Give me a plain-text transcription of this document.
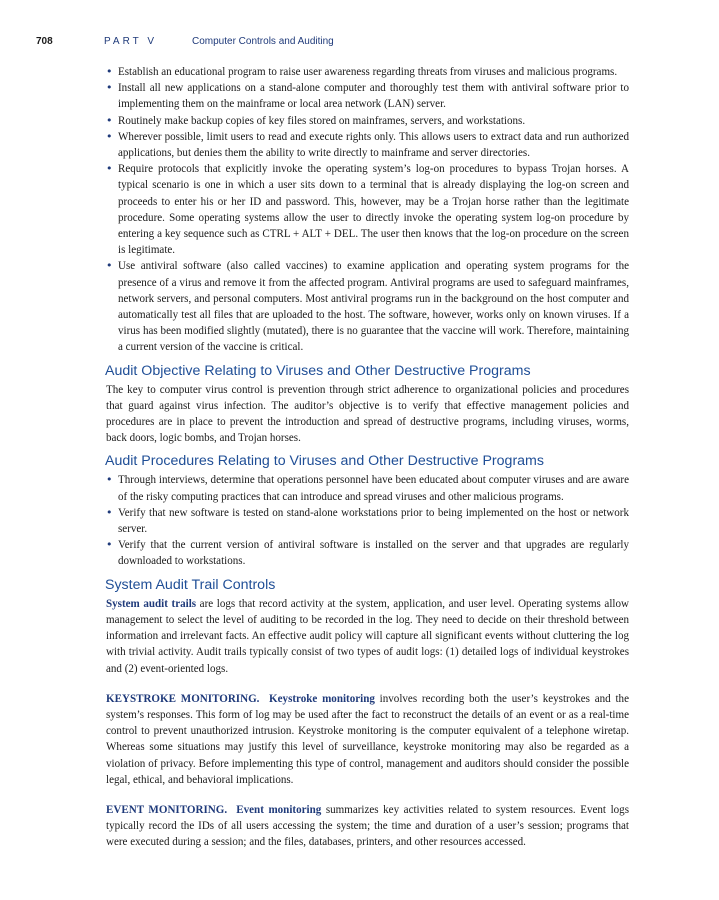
708	PART V	Computer Controls and Auditing
• Establish an educational program to raise user awareness regarding threats from viruses and malicious programs.
• Install all new applications on a stand-alone computer and thoroughly test them with antiviral software prior to implementing them on the mainframe or local area network (LAN) server.
• Routinely make backup copies of key files stored on mainframes, servers, and workstations.
• Wherever possible, limit users to read and execute rights only. This allows users to extract data and run authorized applications, but denies them the ability to write directly to mainframe and server directories.
• Require protocols that explicitly invoke the operating system’s log-on procedures to bypass Trojan horses. A typical scenario is one in which a user sits down to a terminal that is already displaying the log-on screen and proceeds to enter his or her ID and password. This, however, may be a Trojan horse rather than the legitimate procedure. Some operating systems allow the user to directly invoke the operating system log-on procedure by entering a key sequence such as CTRL + ALT + DEL. The user then knows that the log-on procedure on the screen is legitimate.
• Use antiviral software (also called vaccines) to examine application and operating system programs for the presence of a virus and remove it from the affected program. Antiviral programs are used to safeguard mainframes, network servers, and personal computers. Most antiviral programs run in the background on the host computer and automatically test all files that are uploaded to the host. The software, however, works only on known viruses. If a virus has been modified slightly (mutated), there is no guarantee that the vaccine will work. Therefore, maintaining a current version of the vaccine is critical.
Audit Objective Relating to Viruses and Other Destructive Programs

The key to computer virus control is prevention through strict adherence to organizational policies and procedures that guard against virus infection. The auditor’s objective is to verify that effective management policies and procedures are in place to prevent the introduction and spread of destructive programs, including viruses, worms, back doors, logic bombs, and Trojan horses.

Audit Procedures Relating to Viruses and Other Destructive Programs
• Through interviews, determine that operations personnel have been educated about computer viruses and are aware of the risky computing practices that can introduce and spread viruses and other malicious programs.
• Verify that new software is tested on stand-alone workstations prior to being implemented on the host or network server.
• Verify that the current version of antiviral software is installed on the server and that upgrades are regularly downloaded to workstations.
System Audit Trail Controls

System audit trails are logs that record activity at the system, application, and user level. Operating systems allow management to select the level of auditing to be recorded in the log. They need to decide on their threshold between information and irrelevant facts. An effective audit policy will capture all significant events without cluttering the log with trivial activity. Audit trails typically consist of two types of audit logs: (1) detailed logs of individual keystrokes and (2) event-oriented logs.

KEYSTROKE MONITORING. Keystroke monitoring involves recording both the user’s keystrokes and the system’s responses. This form of log may be used after the fact to reconstruct the details of an event or as a real-time control to prevent unauthorized intrusion. Keystroke monitoring is the computer equivalent of a telephone wiretap. Whereas some situations may justify this level of surveillance, keystroke monitoring may also be regarded as a violation of privacy. Before implementing this type of control, management and auditors should consider the possible legal, ethical, and behavioral implications.

EVENT MONITORING. Event monitoring summarizes key activities related to system resources. Event logs typically record the IDs of all users accessing the system; the time and duration of a user’s session; programs that were executed during a session; and the files, databases, printers, and other resources accessed.
